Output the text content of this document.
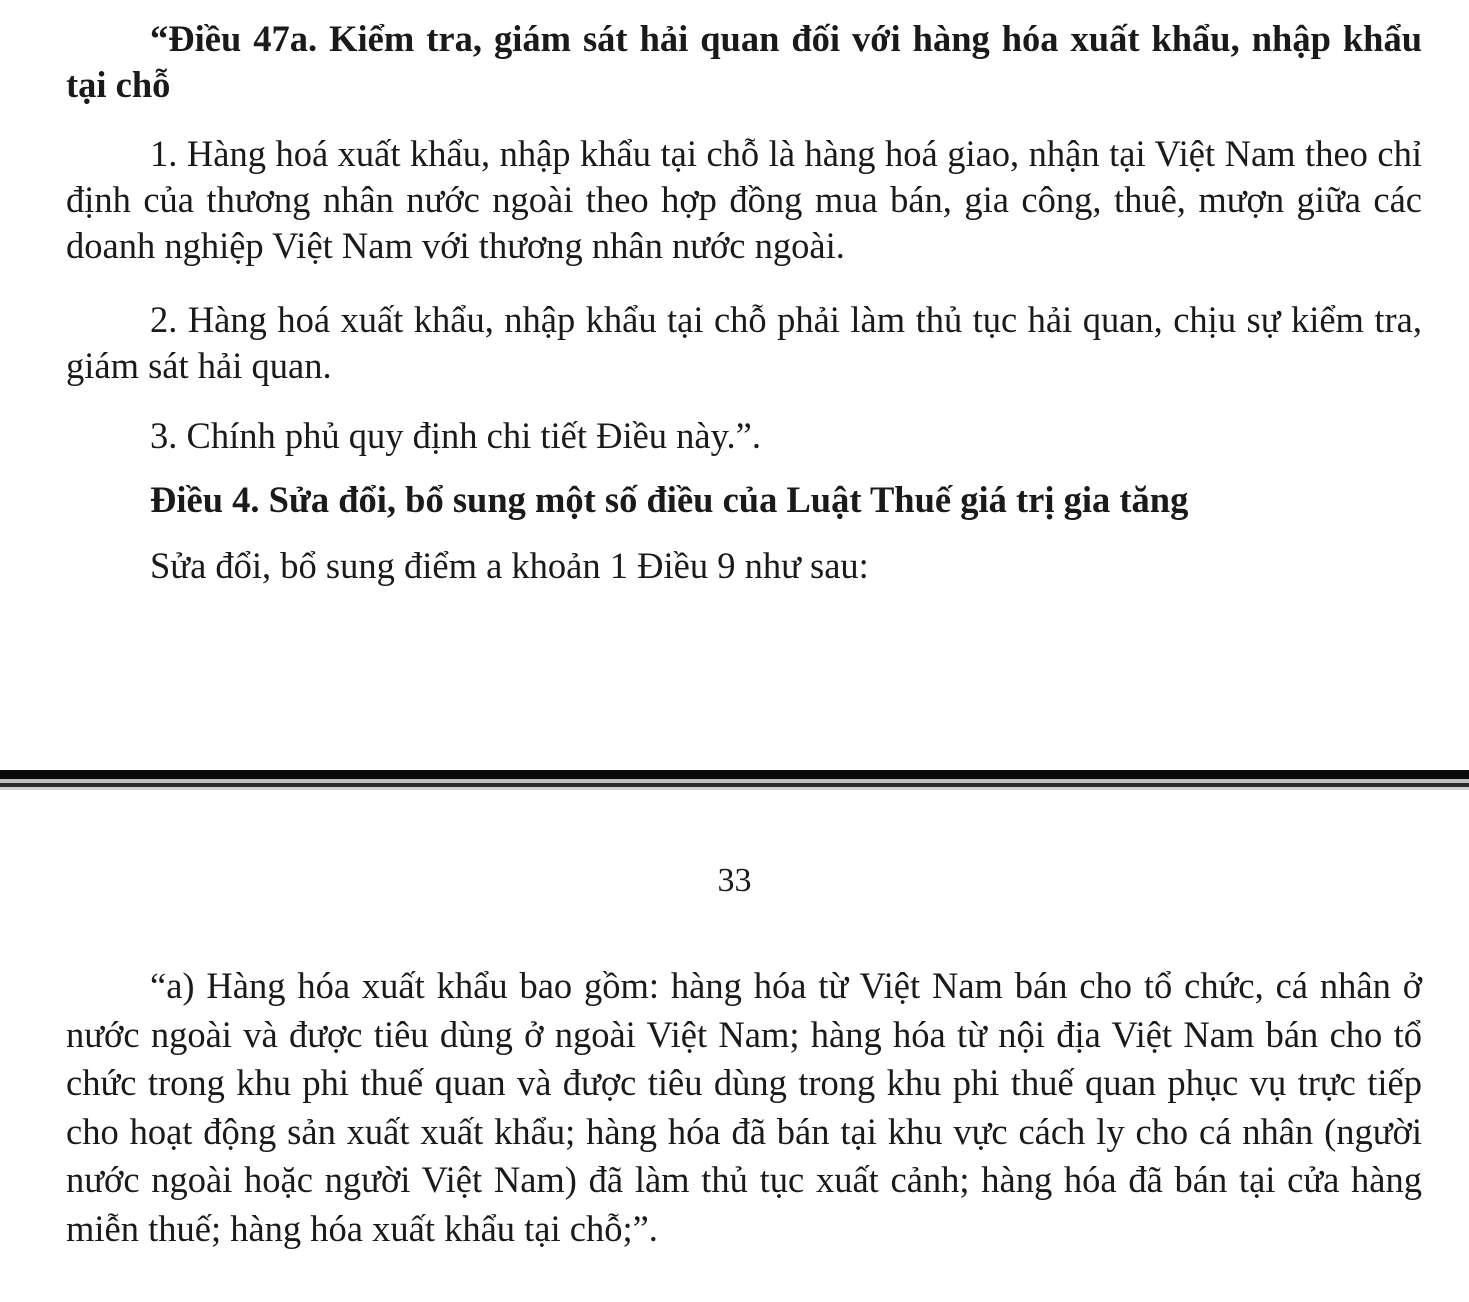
“Điều 47a. Kiểm tra, giám sát hải quan đối với hàng hóa xuất khẩu, nhập khẩu tại chỗ

1. Hàng hoá xuất khẩu, nhập khẩu tại chỗ là hàng hoá giao, nhận tại Việt Nam theo chỉ định của thương nhân nước ngoài theo hợp đồng mua bán, gia công, thuê, mượn giữa các doanh nghiệp Việt Nam với thương nhân nước ngoài.

2. Hàng hoá xuất khẩu, nhập khẩu tại chỗ phải làm thủ tục hải quan, chịu sự kiểm tra, giám sát hải quan.

3. Chính phủ quy định chi tiết Điều này.”.

Điều 4. Sửa đổi, bổ sung một số điều của Luật Thuế giá trị gia tăng

Sửa đổi, bổ sung điểm a khoản 1 Điều 9 như sau:

33

“a) Hàng hóa xuất khẩu bao gồm: hàng hóa từ Việt Nam bán cho tổ chức, cá nhân ở nước ngoài và được tiêu dùng ở ngoài Việt Nam; hàng hóa từ nội địa Việt Nam bán cho tổ chức trong khu phi thuế quan và được tiêu dùng trong khu phi thuế quan phục vụ trực tiếp cho hoạt động sản xuất xuất khẩu; hàng hóa đã bán tại khu vực cách ly cho cá nhân (người nước ngoài hoặc người Việt Nam) đã làm thủ tục xuất cảnh; hàng hóa đã bán tại cửa hàng miễn thuế; hàng hóa xuất khẩu tại chỗ;”.
